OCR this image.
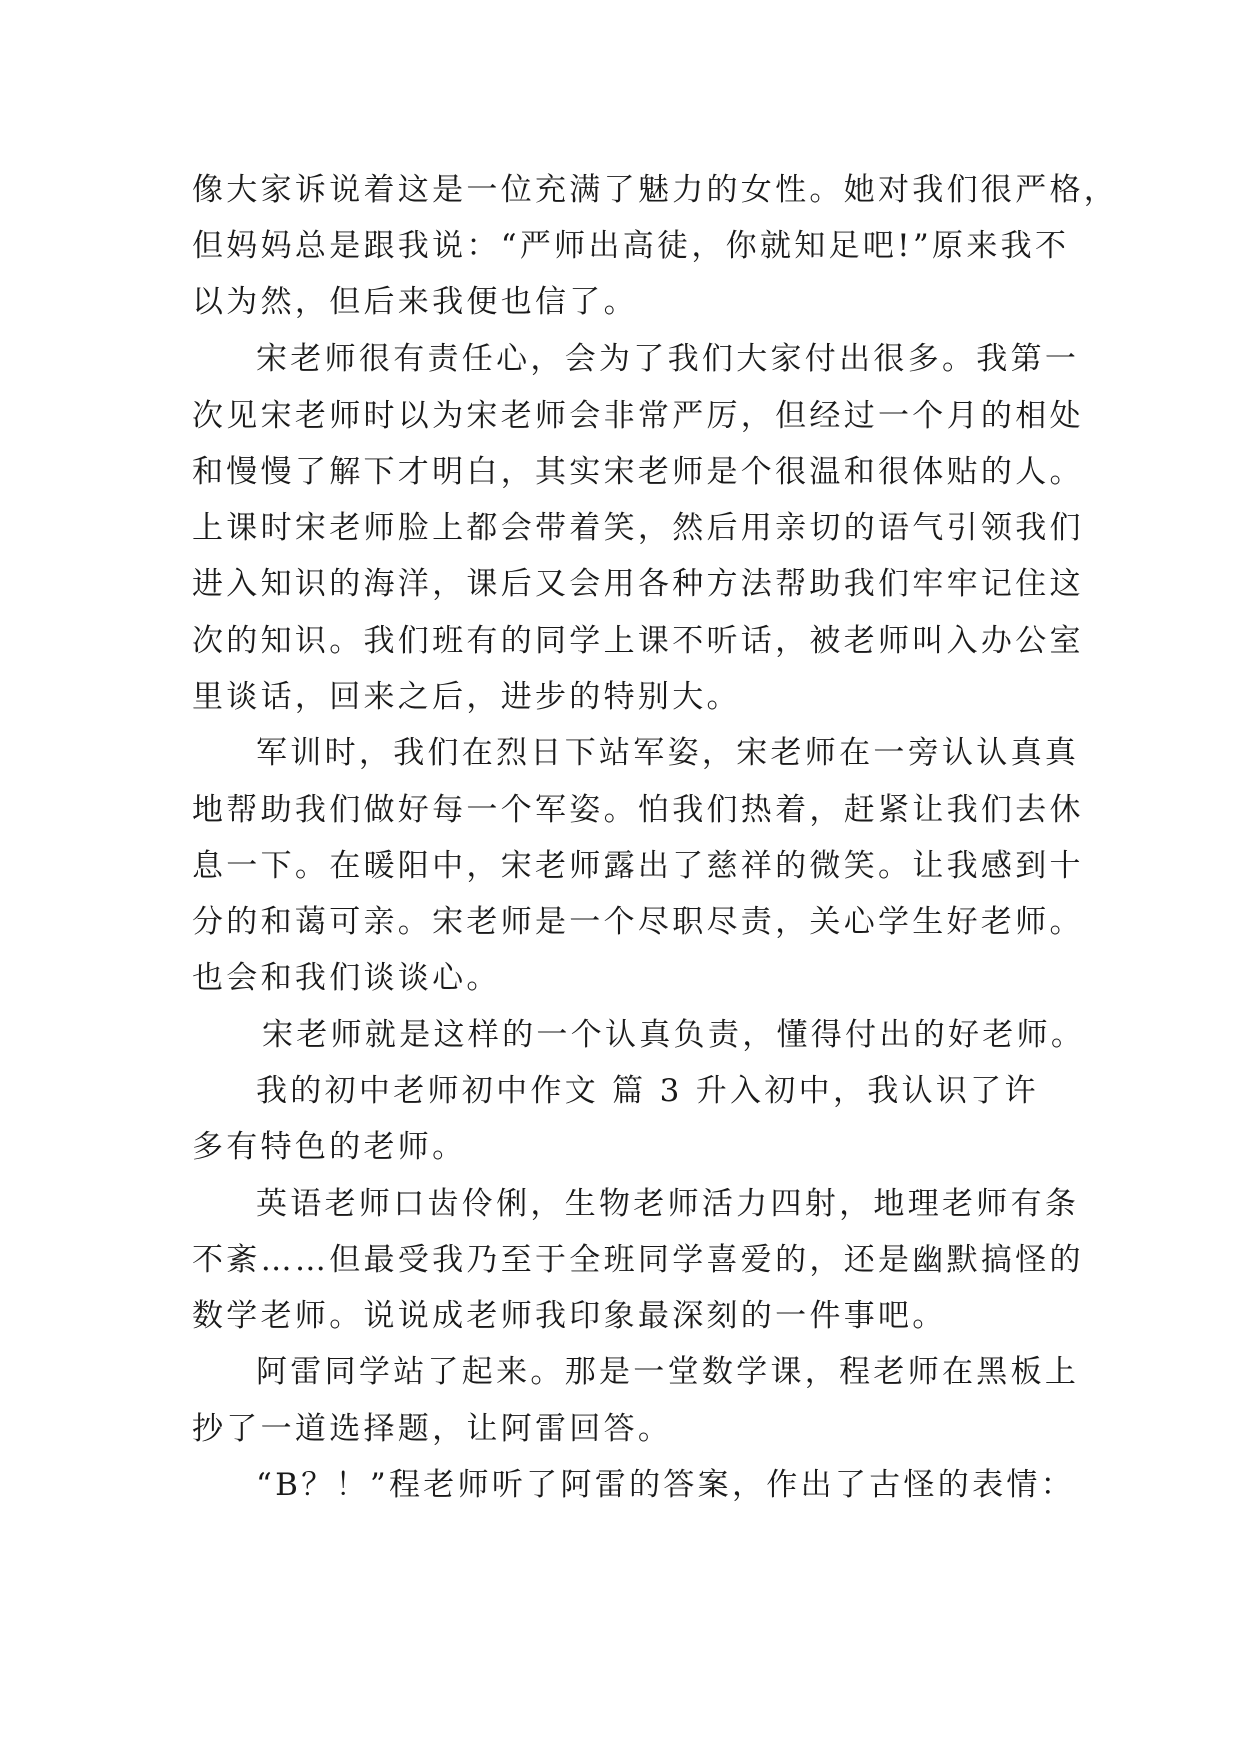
像大家诉说着这是一位充满了魅力的女性。她对我们很严格，
但妈妈总是跟我说：“严师出高徒，你就知足吧!”原来我不
以为然，但后来我便也信了。
宋老师很有责任心，会为了我们大家付出很多。我第一
次见宋老师时以为宋老师会非常严厉，但经过一个月的相处
和慢慢了解下才明白，其实宋老师是个很温和很体贴的人。
上课时宋老师脸上都会带着笑，然后用亲切的语气引领我们
进入知识的海洋，课后又会用各种方法帮助我们牢牢记住这
次的知识。我们班有的同学上课不听话，被老师叫入办公室
里谈话，回来之后，进步的特别大。
军训时，我们在烈日下站军姿，宋老师在一旁认认真真
地帮助我们做好每一个军姿。怕我们热着，赶紧让我们去休
息一下。在暖阳中，宋老师露出了慈祥的微笑。让我感到十
分的和蔼可亲。宋老师是一个尽职尽责，关心学生好老师。
也会和我们谈谈心。
宋老师就是这样的一个认真负责，懂得付出的好老师。
我的初中老师初中作文 篇 3 升入初中，我认识了许
多有特色的老师。
英语老师口齿伶俐，生物老师活力四射，地理老师有条
不紊……但最受我乃至于全班同学喜爱的，还是幽默搞怪的
数学老师。说说成老师我印象最深刻的一件事吧。
阿雷同学站了起来。那是一堂数学课，程老师在黑板上
抄了一道选择题，让阿雷回答。
“B？！”程老师听了阿雷的答案，作出了古怪的表情：
